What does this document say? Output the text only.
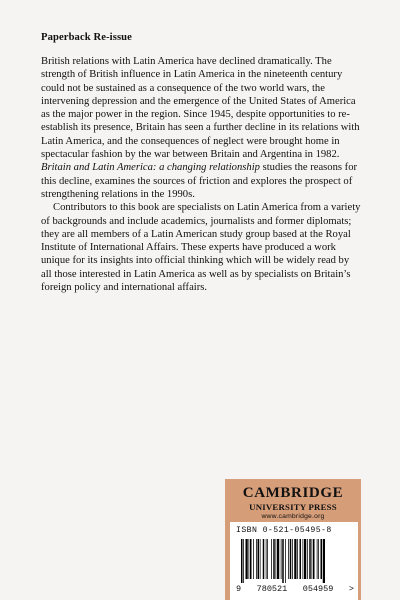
Paperback Re-issue

British relations with Latin America have declined dramatically. The strength of British influence in Latin America in the nineteenth century could not be sustained as a consequence of the two world wars, the intervening depression and the emergence of the United States of America as the major power in the region. Since 1945, despite opportunities to re-establish its presence, Britain has seen a further decline in its relations with Latin America, and the consequences of neglect were brought home in spectacular fashion by the war between Britain and Argentina in 1982. Britain and Latin America: a changing relationship studies the reasons for this decline, examines the sources of friction and explores the prospect of strengthening relations in the 1990s.

Contributors to this book are specialists on Latin America from a variety of backgrounds and include academics, journalists and former diplomats; they are all members of a Latin American study group based at the Royal Institute of International Affairs. These experts have produced a work unique for its insights into official thinking which will be widely read by all those interested in Latin America as well as by specialists on Britain’s foreign policy and international affairs.

CAMBRIDGE
UNIVERSITY PRESS
www.cambridge.org
ISBN 0-521-05495-8
9 780521 054959 >
